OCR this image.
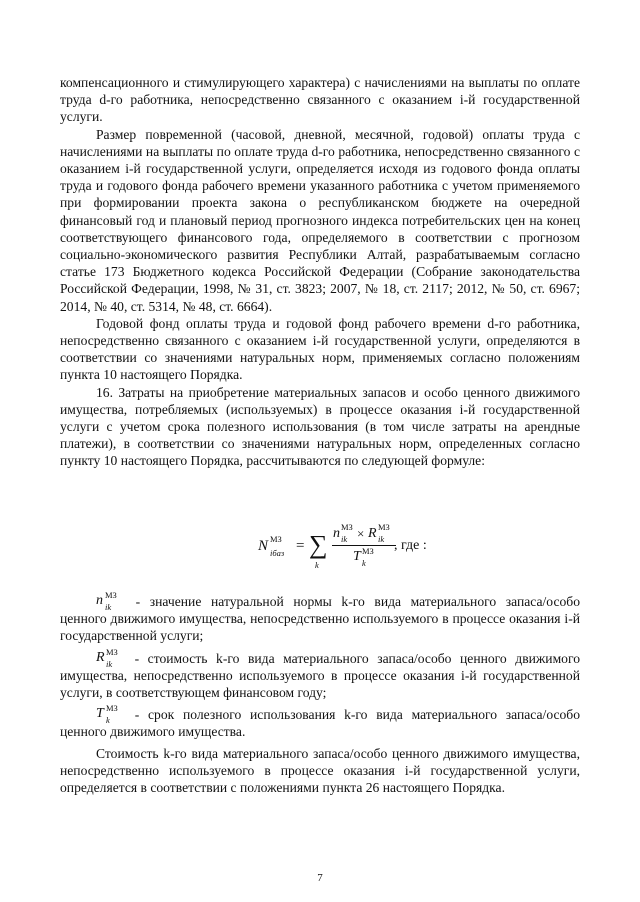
компенсационного и стимулирующего характера) с начислениями на выплаты по оплате труда d-го работника, непосредственно связанного с оказанием i-й государственной услуги.

Размер повременной (часовой, дневной, месячной, годовой) оплаты труда с начислениями на выплаты по оплате труда d-го работника, непосредственно связанного с оказанием i-й государственной услуги, определяется исходя из годового фонда оплаты труда и годового фонда рабочего времени указанного работника с учетом применяемого при формировании проекта закона о республиканском бюджете на очередной финансовый год и плановый период прогнозного индекса потребительских цен на конец соответствующего финансового года, определяемого в соответствии с прогнозом социально-экономического развития Республики Алтай, разрабатываемым согласно статье 173 Бюджетного кодекса Российской Федерации (Собрание законодательства Российской Федерации, 1998, № 31, ст. 3823; 2007, № 18, ст. 2117; 2012, № 50, ст. 6967; 2014, № 40, ст. 5314, № 48, ст. 6664).

Годовой фонд оплаты труда и годовой фонд рабочего времени d-го работника, непосредственно связанного с оказанием i-й государственной услуги, определяются в соответствии со значениями натуральных норм, применяемых согласно положениям пункта 10 настоящего Порядка.

16. Затраты на приобретение материальных запасов и особо ценного движимого имущества, потребляемых (используемых) в процессе оказания i-й государственной услуги с учетом срока полезного использования (в том числе затраты на арендные платежи), в соответствии со значениями натуральных норм, определенных согласно пункту 10 настоящего Порядка, рассчитываются по следующей формуле:

N МЗ
iбаз = ∑
k
n МЗ
ik × R МЗ
ik
T МЗ
k
, где :

n МЗ
ik - значение натуральной нормы k-го вида материального запаса/особо ценного движимого имущества, непосредственно используемого в процессе оказания i-й государственной услуги;

R МЗ
ik - стоимость k-го вида материального запаса/особо ценного движимого имущества, непосредственно используемого в процессе оказания i-й государственной услуги, в соответствующем финансовом году;

T МЗ
k - срок полезного использования k-го вида материального запаса/особо ценного движимого имущества.

Стоимость k-го вида материального запаса/особо ценного движимого имущества, непосредственно используемого в процессе оказания i-й государственной услуги, определяется в соответствии с положениями пункта 26 настоящего Порядка.

7
